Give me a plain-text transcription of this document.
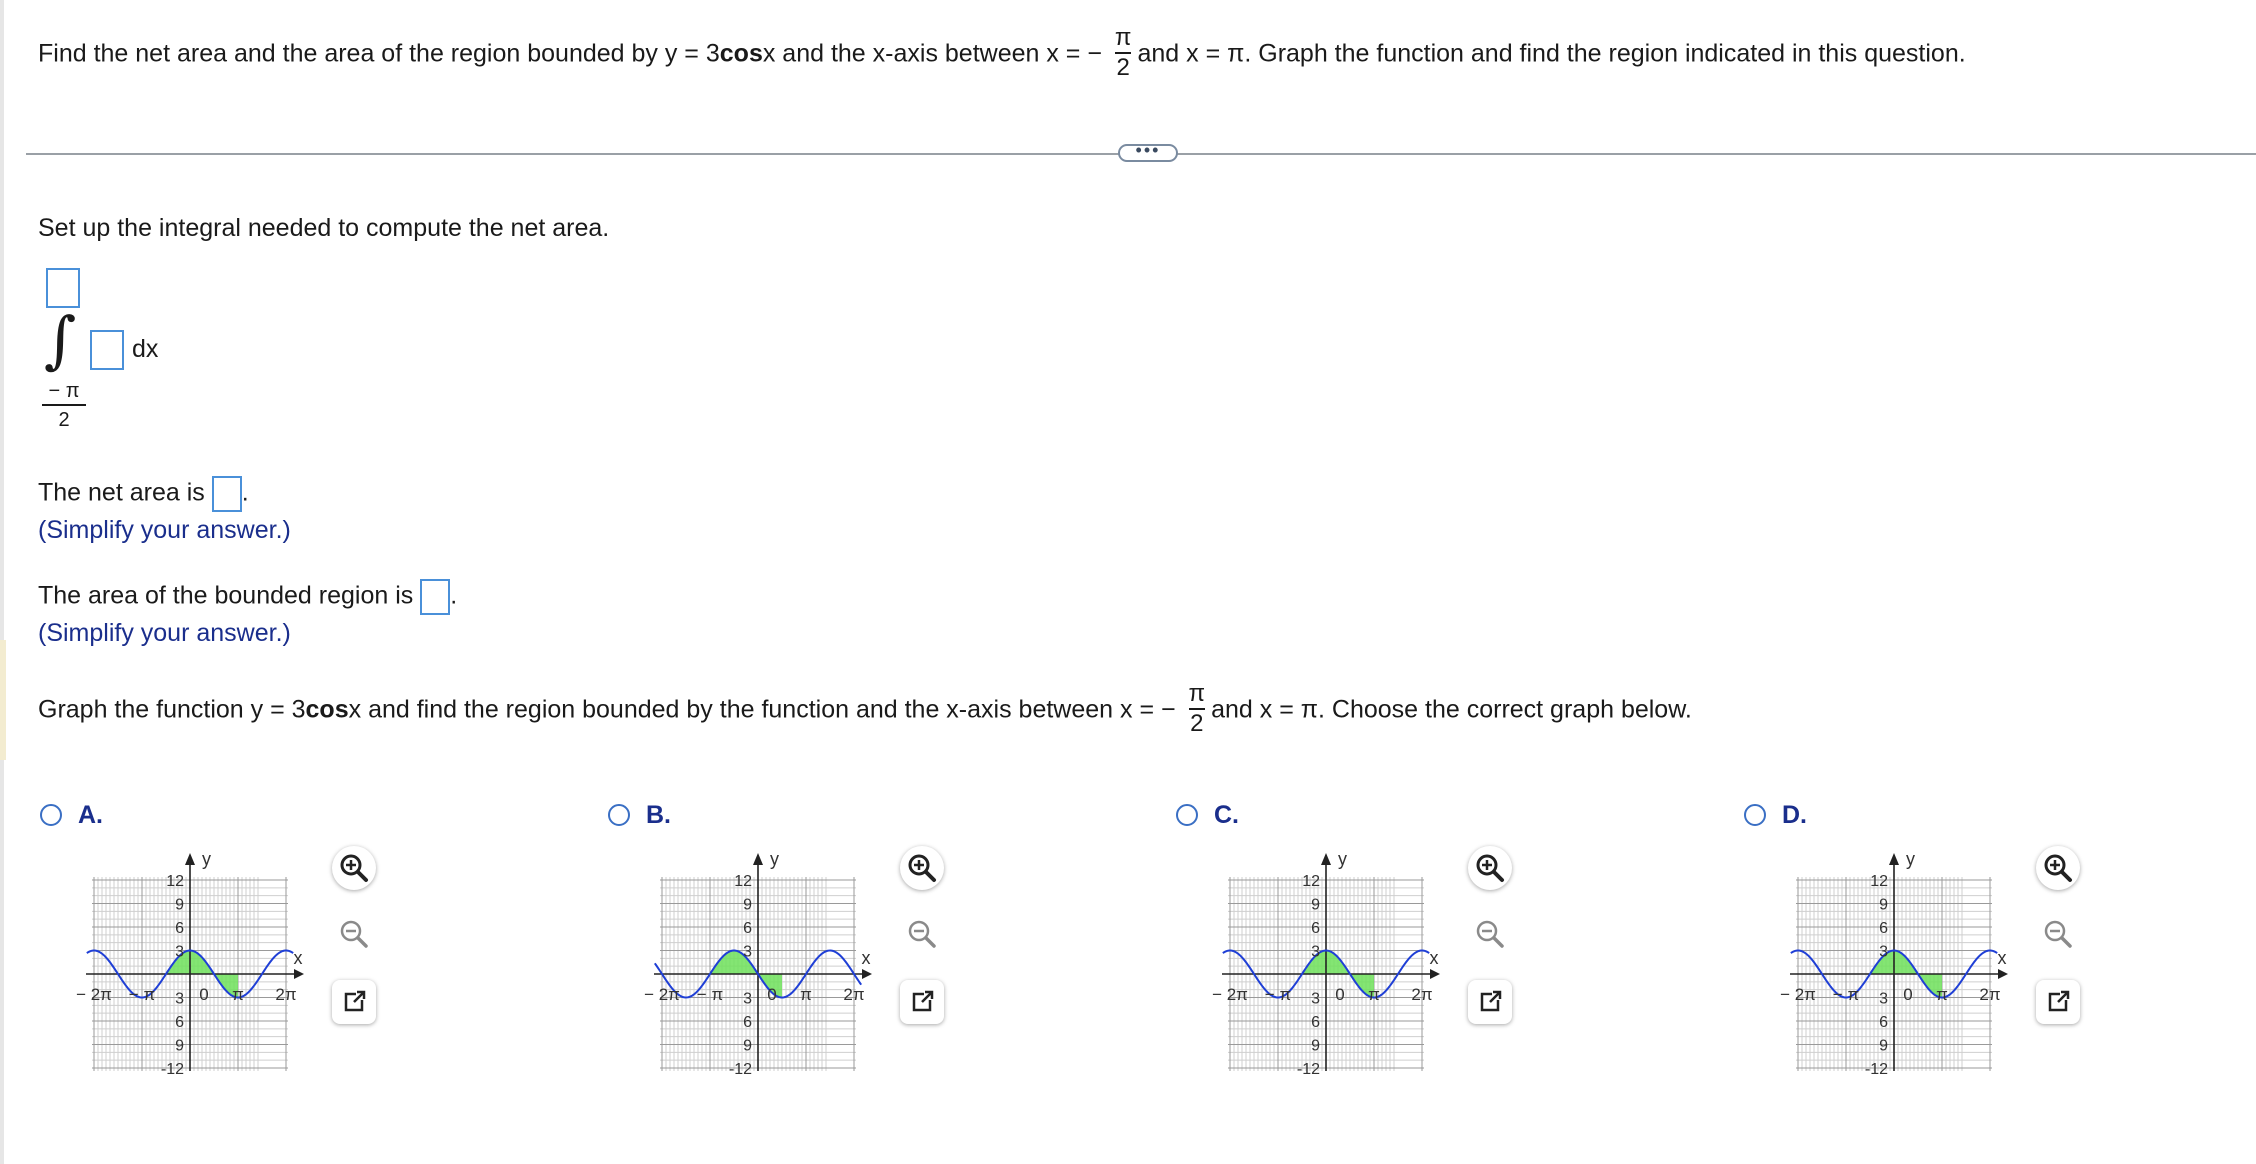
Find the net area and the area of the region bounded by y = 3cosx and the x-axis between x = − $\frac{\pi}{2}$ and x = π. Graph the function and find the region indicated in this question.
•••
Set up the integral needed to compute the net area.
∫ dx
$\frac{- \pi}{2}$
The net area is .
(Simplify your answer.)
The area of the bounded region is .
(Simplify your answer.)
Graph the function y = 3cosx and find the region bounded by the function and the x-axis between x = − $\frac{\pi}{2}$ and x = π. Choose the correct graph below.
A.
y
x
12
9
6
3
3
6
9
-12
− 2π − π	0 π 2π
B.
y
x
12
9
6
3
3
6
9
-12
− 2π − π	0 π 2π
C.
y
x
12
9
6
3
3
6
9
-12
− 2π − π	0 π 2π
D.
y
x
12
9
6
3
3
6
9
-12
− 2π − π	0 π 2π
